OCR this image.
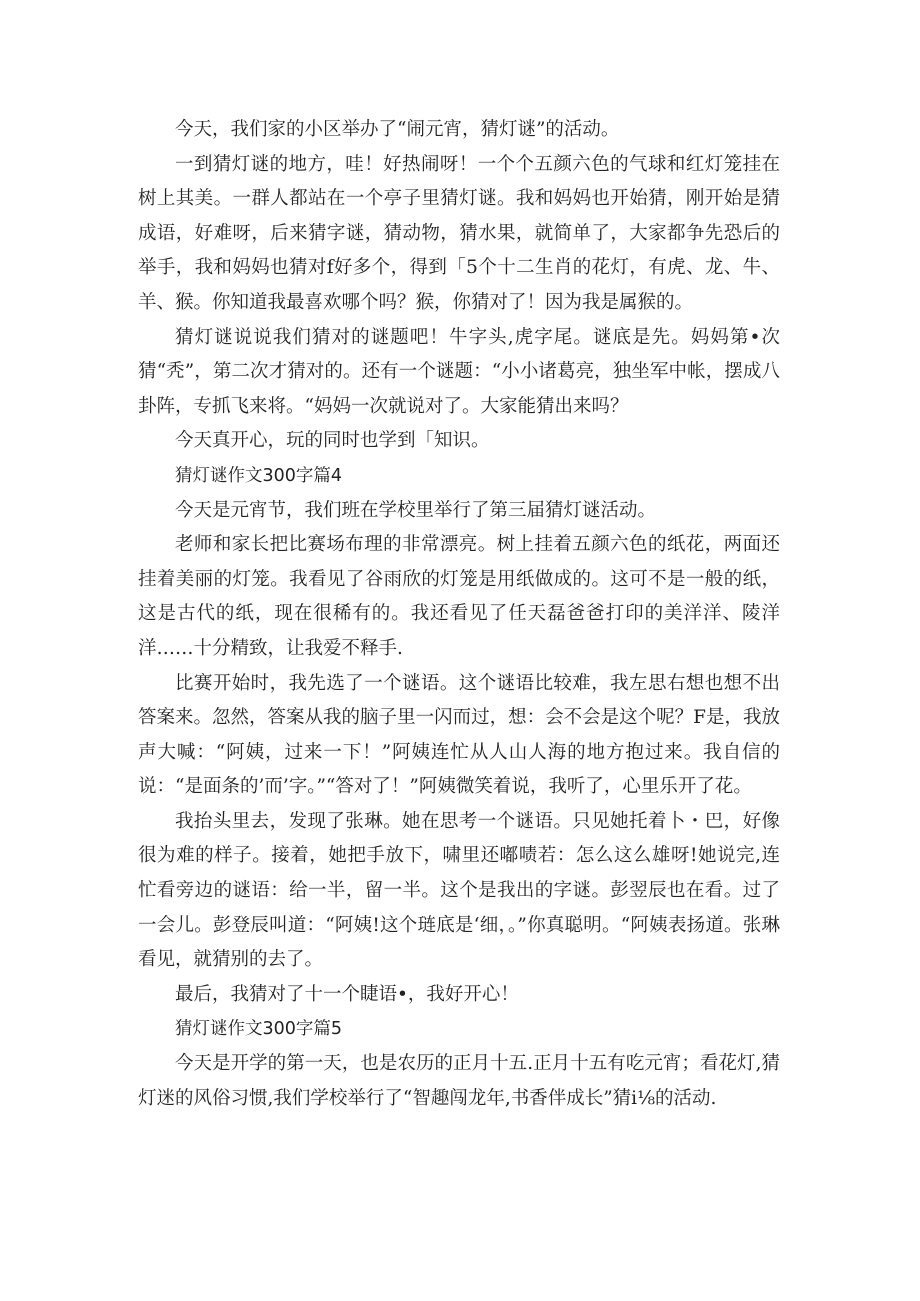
今天，我们家的小区举办了“闹元宵，猜灯谜”的活动。

一到猜灯谜的地方，哇！好热闹呀！一个个五颜六色的气球和红灯笼挂在树上其美。一群人都站在一个亭子里猜灯谜。我和妈妈也开始猜，刚开始是猜成语，好难呀，后来猜字谜，猜动物，猜水果，就简单了，大家都争先恐后的举手，我和妈妈也猜对f好多个，得到「5个十二生肖的花灯，有虎、龙、牛、羊、猴。你知道我最喜欢哪个吗？猴，你猜对了！因为我是属猴的。

猜灯谜说说我们猜对的谜题吧！牛字头,虎字尾。谜底是先。妈妈第•次猜“秃”，第二次才猜对的。还有一个谜题：“小小诸葛亮，独坐军中帐，摆成八卦阵，专抓飞来将。“妈妈一次就说对了。大家能猜出来吗？

今天真开心，玩的同时也学到「知识。

猜灯谜作文300字篇4

今天是元宵节，我们班在学校里举行了第三届猜灯谜活动。

老师和家长把比赛场布理的非常漂亮。树上挂着五颜六色的纸花，两面还挂着美丽的灯笼。我看见了谷雨欣的灯笼是用纸做成的。这可不是一般的纸，这是古代的纸，现在很稀有的。我还看见了任天磊爸爸打印的美洋洋、陵洋洋……十分精致，让我爱不释手.

比赛开始时，我先选了一个谜语。这个谜语比较难，我左思右想也想不出答案来。忽然，答案从我的脑子里一闪而过，想：会不会是这个呢？F是，我放声大喊：“阿姨，过来一下！”阿姨连忙从人山人海的地方抱过来。我自信的说：“是面条的’而’字。”“答对了！”阿姨微笑着说，我听了，心里乐开了花。

我抬头里去，发现了张琳。她在思考一个谜语。只见她托着卜・巴，好像很为难的样子。接着，她把手放下，啸里还嘟啧若：怎么这么雄呀!她说完,连忙看旁边的谜语：给一半，留一半。这个是我出的字谜。彭翌辰也在看。过了一会儿。彭登辰叫道：“阿姨!这个琏底是‘细，。”你真聪明。“阿姨表扬道。张琳看见，就猜别的去了。

最后，我猜对了十一个睫语•，我好开心！

猜灯谜作文300字篇5

今天是开学的第一天，也是农历的正月十五.正月十五有吃元宵；看花灯,猜灯迷的风俗习惯,我们学校举行了“智趣闯龙年,书香伴成长”猜i⅛的活动.
